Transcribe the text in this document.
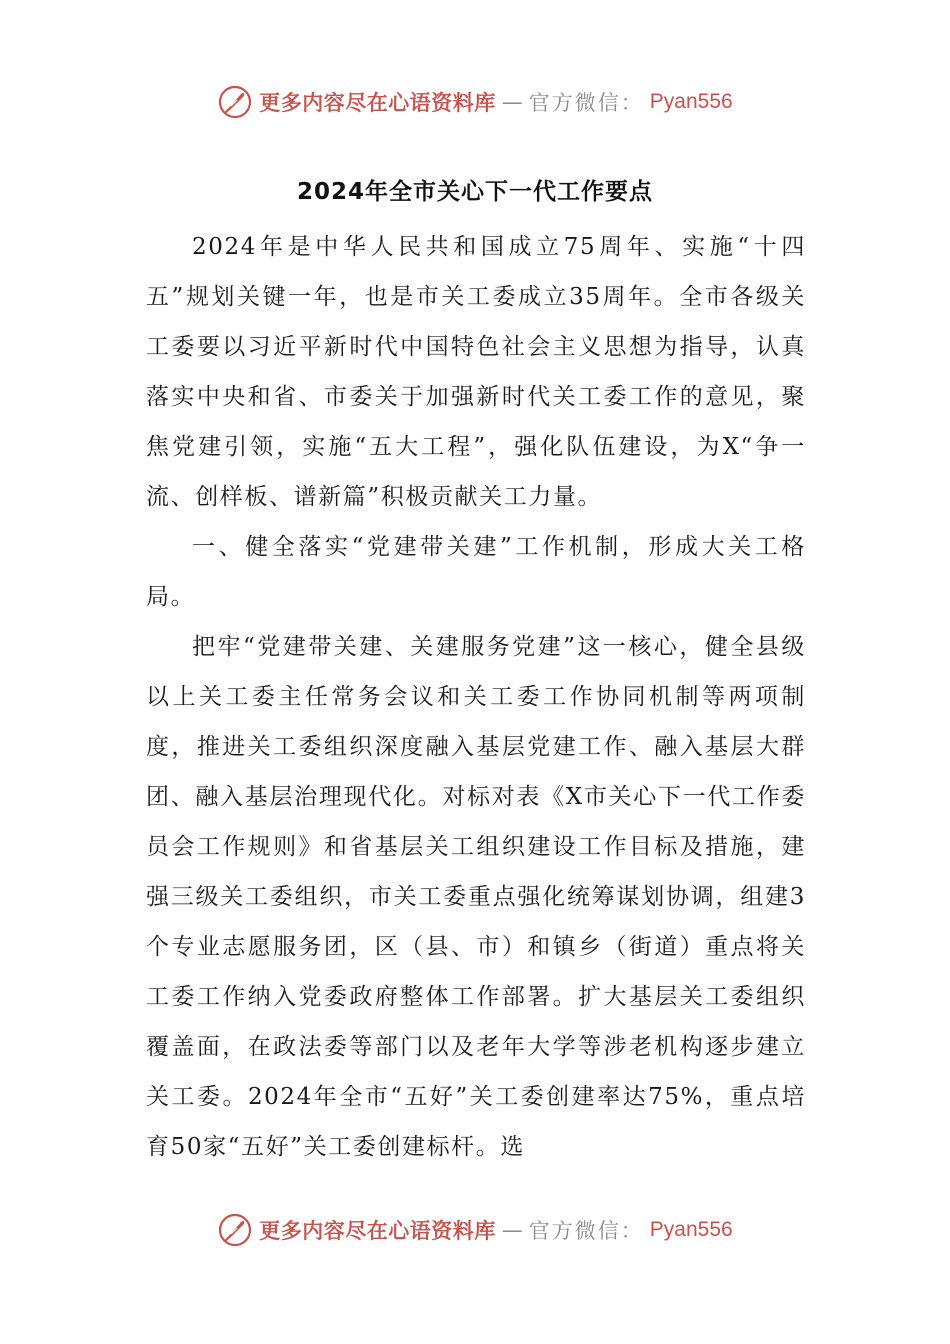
更多内容尽在心语资料库 — 官方微信： Pyan556
2024年全市关心下一代工作要点

2024年是中华人民共和国成立75周年、实施“十四五”规划关键一年，也是市关工委成立35周年。全市各级关工委要以习近平新时代中国特色社会主义思想为指导，认真落实中央和省、市委关于加强新时代关工委工作的意见，聚焦党建引领，实施“五大工程”，强化队伍建设，为X“争一流、创样板、谱新篇”积极贡献关工力量。

一、健全落实“党建带关建”工作机制，形成大关工格局。

把牢“党建带关建、关建服务党建”这一核心，健全县级以上关工委主任常务会议和关工委工作协同机制等两项制度，推进关工委组织深度融入基层党建工作、融入基层大群团、融入基层治理现代化。对标对表《X市关心下一代工作委员会工作规则》和省基层关工组织建设工作目标及措施，建强三级关工委组织，市关工委重点强化统筹谋划协调，组建3个专业志愿服务团，区（县、市）和镇乡（街道）重点将关工委工作纳入党委政府整体工作部署。扩大基层关工委组织覆盖面，在政法委等部门以及老年大学等涉老机构逐步建立关工委。2024年全市“五好”关工委创建率达75%，重点培育50家“五好”关工委创建标杆。选

更多内容尽在心语资料库 — 官方微信： Pyan556
